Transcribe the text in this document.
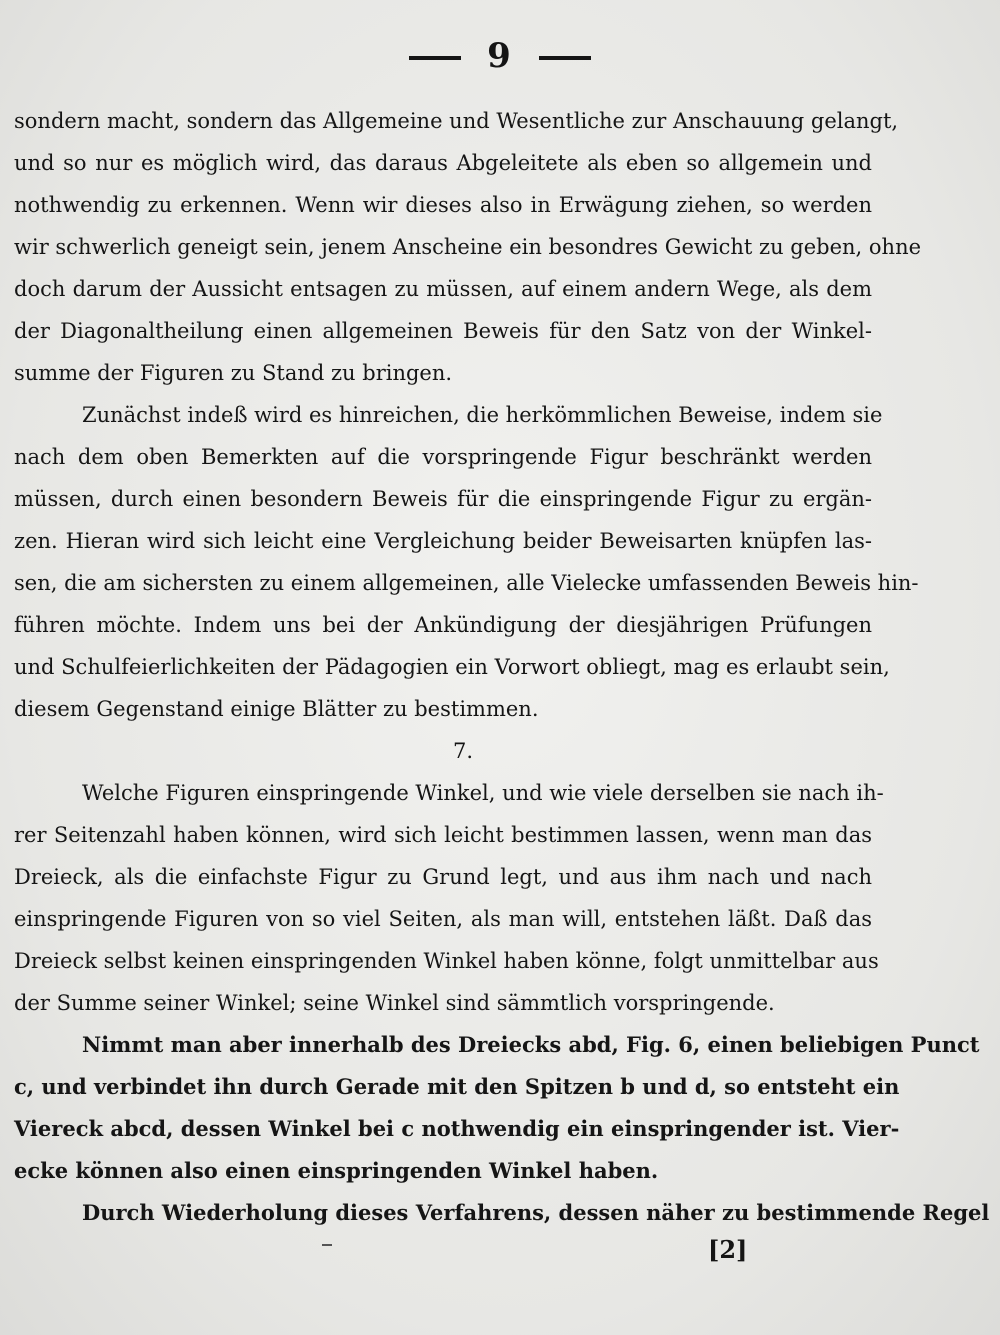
9
sondern macht, sondern das Allgemeine und Wesentliche zur Anschauung gelangt,
und so nur es möglich wird, das daraus Abgeleitete als eben so allgemein und
nothwendig zu erkennen. Wenn wir dieses also in Erwägung ziehen, so werden
wir schwerlich geneigt sein, jenem Anscheine ein besondres Gewicht zu geben, ohne
doch darum der Aussicht entsagen zu müssen, auf einem andern Wege, als dem
der Diagonaltheilung einen allgemeinen Beweis für den Satz von der Winkel-
summe der Figuren zu Stand zu bringen.
Zunächst indeß wird es hinreichen, die herkömmlichen Beweise, indem sie
nach dem oben Bemerkten auf die vorspringende Figur beschränkt werden
müssen, durch einen besondern Beweis für die einspringende Figur zu ergän-
zen. Hieran wird sich leicht eine Vergleichung beider Beweisarten knüpfen las-
sen, die am sichersten zu einem allgemeinen, alle Vielecke umfassenden Beweis hin-
führen möchte. Indem uns bei der Ankündigung der diesjährigen Prüfungen
und Schulfeierlichkeiten der Pädagogien ein Vorwort obliegt, mag es erlaubt sein,
diesem Gegenstand einige Blätter zu bestimmen.
7.
Welche Figuren einspringende Winkel, und wie viele derselben sie nach ih-
rer Seitenzahl haben können, wird sich leicht bestimmen lassen, wenn man das
Dreieck, als die einfachste Figur zu Grund legt, und aus ihm nach und nach
einspringende Figuren von so viel Seiten, als man will, entstehen läßt. Daß das
Dreieck selbst keinen einspringenden Winkel haben könne, folgt unmittelbar aus
der Summe seiner Winkel; seine Winkel sind sämmtlich vorspringende.
Nimmt man aber innerhalb des Dreiecks abd, Fig. 6, einen beliebigen Punct
c, und verbindet ihn durch Gerade mit den Spitzen b und d, so entsteht ein
Viereck abcd, dessen Winkel bei c nothwendig ein einspringender ist. Vier-
ecke können also einen einspringenden Winkel haben.
Durch Wiederholung dieses Verfahrens, dessen näher zu bestimmende Regel
[2]
